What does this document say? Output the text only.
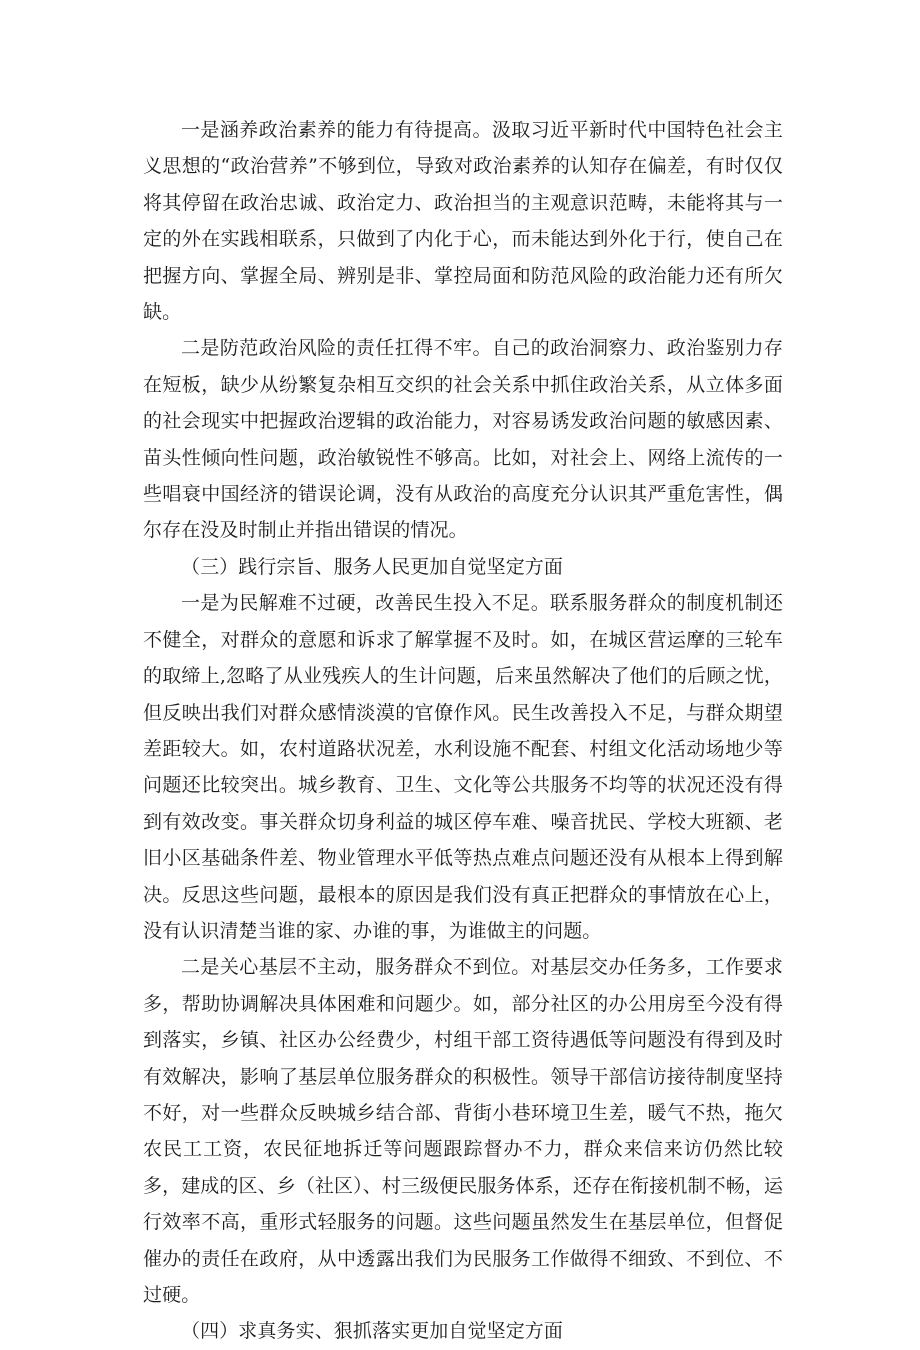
一是涵养政治素养的能力有待提高。汲取习近平新时代中国特色社会主义思想的“政治营养”不够到位，导致对政治素养的认知存在偏差，有时仅仅将其停留在政治忠诚、政治定力、政治担当的主观意识范畴，未能将其与一定的外在实践相联系，只做到了内化于心，而未能达到外化于行，使自己在把握方向、掌握全局、辨别是非、掌控局面和防范风险的政治能力还有所欠缺。

二是防范政治风险的责任扛得不牢。自己的政治洞察力、政治鉴别力存在短板，缺少从纷繁复杂相互交织的社会关系中抓住政治关系，从立体多面的社会现实中把握政治逻辑的政治能力，对容易诱发政治问题的敏感因素、苗头性倾向性问题，政治敏锐性不够高。比如，对社会上、网络上流传的一些唱衰中国经济的错误论调，没有从政治的高度充分认识其严重危害性，偶尔存在没及时制止并指出错误的情况。

（三）践行宗旨、服务人民更加自觉坚定方面

一是为民解难不过硬，改善民生投入不足。联系服务群众的制度机制还不健全，对群众的意愿和诉求了解掌握不及时。如，在城区营运摩的三轮车的取缔上,忽略了从业残疾人的生计问题，后来虽然解决了他们的后顾之忧，但反映出我们对群众感情淡漠的官僚作风。民生改善投入不足，与群众期望差距较大。如，农村道路状况差，水利设施不配套、村组文化活动场地少等问题还比较突出。城乡教育、卫生、文化等公共服务不均等的状况还没有得到有效改变。事关群众切身利益的城区停车难、噪音扰民、学校大班额、老旧小区基础条件差、物业管理水平低等热点难点问题还没有从根本上得到解决。反思这些问题，最根本的原因是我们没有真正把群众的事情放在心上，没有认识清楚当谁的家、办谁的事，为谁做主的问题。

二是关心基层不主动，服务群众不到位。对基层交办任务多，工作要求多，帮助协调解决具体困难和问题少。如，部分社区的办公用房至今没有得到落实，乡镇、社区办公经费少，村组干部工资待遇低等问题没有得到及时有效解决，影响了基层单位服务群众的积极性。领导干部信访接待制度坚持不好，对一些群众反映城乡结合部、背街小巷环境卫生差，暖气不热，拖欠农民工工资，农民征地拆迁等问题跟踪督办不力，群众来信来访仍然比较多，建成的区、乡（社区）、村三级便民服务体系，还存在衔接机制不畅，运行效率不高，重形式轻服务的问题。这些问题虽然发生在基层单位，但督促催办的责任在政府，从中透露出我们为民服务工作做得不细致、不到位、不过硬。

（四）求真务实、狠抓落实更加自觉坚定方面
